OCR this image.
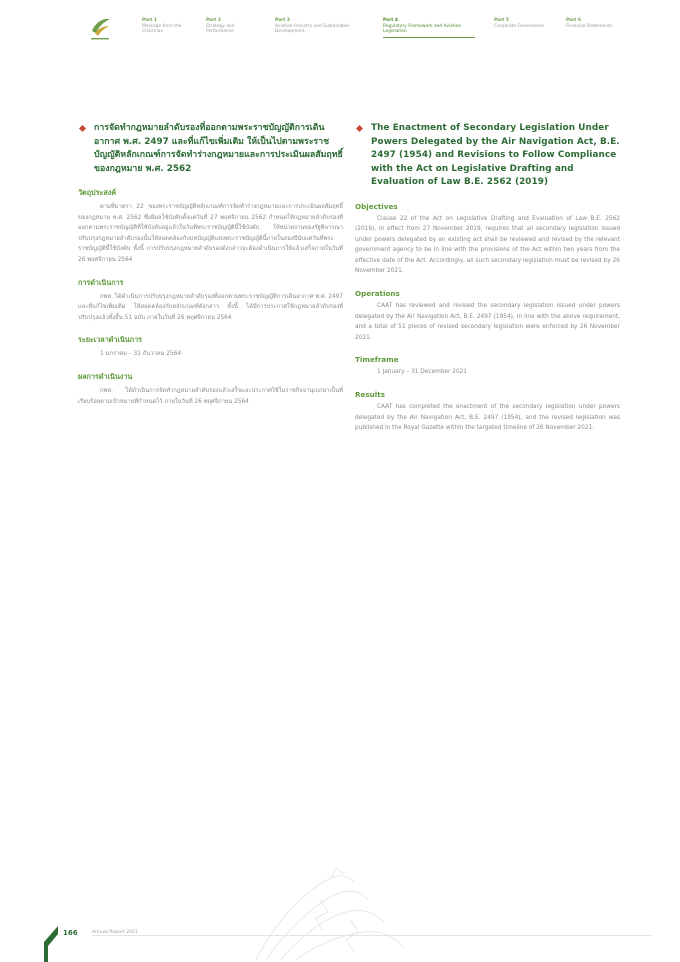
Part 1
Message from the Chairman
Part 2
Strategy and Performance
Part 3
Aviation Industry and Sustainable Development
Part 4
Regulatory Framework and Aviation Legislation
Part 5
Corporate Governance
Part 6
Financial Statements
การจัดทำกฎหมายลำดับรองที่ออกตามพระราชบัญญัติการเดินอากาศ พ.ศ. 2497 และที่แก้ไขเพิ่มเติม ให้เป็นไปตามพระราชบัญญัติหลักเกณฑ์การจัดทำร่างกฎหมายและการประเมินผลสัมฤทธิ์ของกฎหมาย พ.ศ. 2562
วัตถุประสงค์
ตามที่มาตรา 22 ของพระราชบัญญัติหลักเกณฑ์การจัดทำร่างกฎหมายและการประเมินผลสัมฤทธิ์ของกฎหมาย พ.ศ. 2562 ซึ่งมีผลใช้บังคับตั้งแต่วันที่ 27 พฤศจิกายน 2562 กำหนดให้กฎหมายลำดับรองที่ออกตามพระราชบัญญัติที่ใช้บังคับอยู่แล้วในวันที่พระราชบัญญัตินี้ใช้บังคับ ให้หน่วยงานของรัฐพิจารณาปรับปรุงกฎหมายลำดับรองนั้นให้สอดคล้องกับบทบัญญัติแห่งพระราชบัญญัตินี้ภายในสองปีนับแต่วันที่พระราชบัญญัตินี้ใช้บังคับ ทั้งนี้ การปรับปรุงกฎหมายลำดับรองดังกล่าวจะต้องดำเนินการให้แล้วเสร็จภายในวันที่ 26 พฤศจิกายน 2564
การดำเนินการ
กพท. ได้ดำเนินการปรับปรุงกฎหมายลำดับรองที่ออกตามพระราชบัญญัติการเดินอากาศ พ.ศ. 2497 และที่แก้ไขเพิ่มเติม ให้สอดคล้องกับหลักเกณฑ์ดังกล่าว ทั้งนี้ ได้มีการประกาศใช้กฎหมายลำดับรองที่ปรับปรุงแล้วทั้งสิ้น 51 ฉบับ ภายในวันที่ 26 พฤศจิกายน 2564
ระยะเวลาดำเนินการ
1 มกราคม – 31 ธันวาคม 2564
ผลการดำเนินงาน
กพท. ได้ดำเนินการจัดทำกฎหมายลำดับรองแล้วเสร็จและประกาศใช้ในราชกิจจานุเบกษาเป็นที่เรียบร้อยตามเป้าหมายที่กำหนดไว้ ภายในวันที่ 26 พฤศจิกายน 2564
The Enactment of Secondary Legislation Under Powers Delegated by the Air Navigation Act, B.E. 2497 (1954) and Revisions to Follow Compliance with the Act on Legislative Drafting and Evaluation of Law B.E. 2562 (2019)
Objectives
Clause 22 of the Act on Legislative Drafting and Evaluation of Law B.E. 2562 (2019), in effect from 27 November 2019, requires that all secondary legislation issued under powers delegated by an existing act shall be reviewed and revised by the relevant government agency to be in line with the provisions of the Act within two years from the effective date of the Act. Accordingly, all such secondary legislation must be revised by 26 November 2021.
Operations
CAAT has reviewed and revised the secondary legislation issued under powers delegated by the Air Navigation Act, B.E. 2497 (1954), in line with the above requirement, and a total of 51 pieces of revised secondary legislation were enforced by 26 November 2021.
Timeframe
1 January – 31 December 2021
Results
CAAT has completed the enactment of the secondary legislation under powers delegated by the Air Navigation Act, B.E. 2497 (1954), and the revised legislation was published in the Royal Gazette within the targeted timeline of 26 November 2021.
166	Annual Report 2021
